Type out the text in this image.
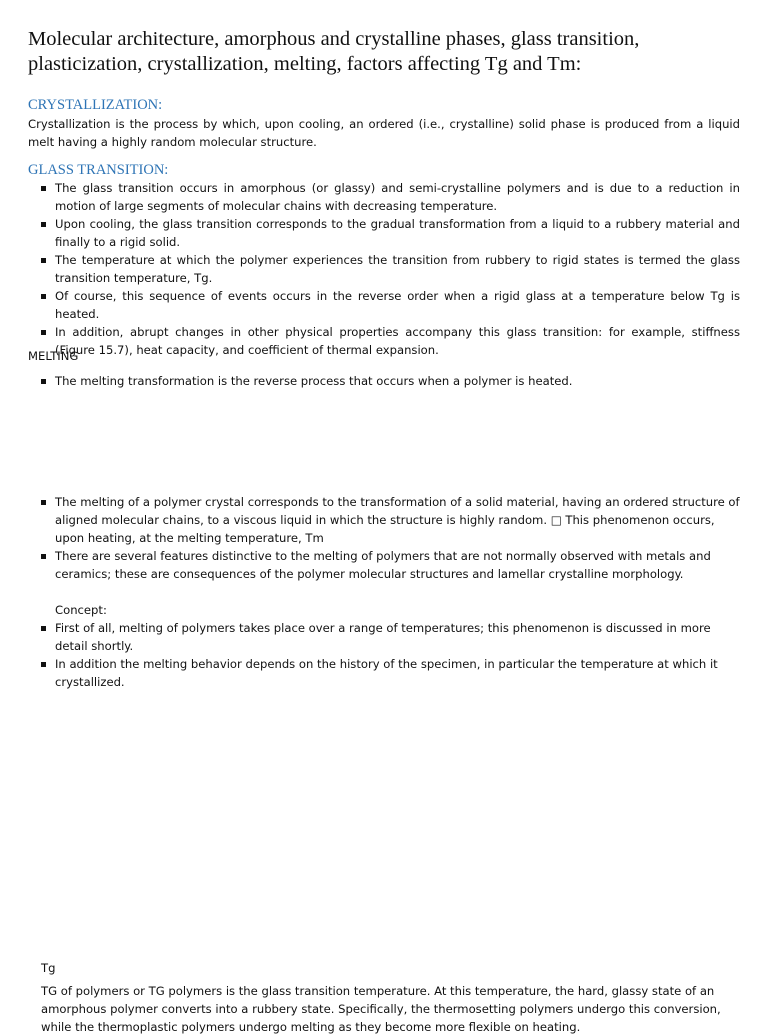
Molecular architecture, amorphous and crystalline phases, glass transition, plasticization, crystallization, melting, factors affecting Tg and Tm:
CRYSTALLIZATION:

Crystallization is the process by which, upon cooling, an ordered (i.e., crystalline) solid phase is produced from a liquid melt having a highly random molecular structure.

GLASS TRANSITION:
The glass transition occurs in amorphous (or glassy) and semi-crystalline polymers and is due to a reduction in motion of large segments of molecular chains with decreasing temperature.
Upon cooling, the glass transition corresponds to the gradual transformation from a liquid to a rubbery material and finally to a rigid solid.
The temperature at which the polymer experiences the transition from rubbery to rigid states is termed the glass transition temperature, Tg.
Of course, this sequence of events occurs in the reverse order when a rigid glass at a temperature below Tg is heated.
In addition, abrupt changes in other physical properties accompany this glass transition: for example, stiffness (Figure 15.7), heat capacity, and coefficient of thermal expansion.

MELTING

The melting transformation is the reverse process that occurs when a polymer is heated.
The melting of a polymer crystal corresponds to the transformation of a solid material, having an ordered structure of aligned molecular chains, to a viscous liquid in which the structure is highly random. □ This phenomenon occurs, upon heating, at the melting temperature, Tm
There are several features distinctive to the melting of polymers that are not normally observed with metals and ceramics; these are consequences of the polymer molecular structures and lamellar crystalline morphology.

Concept:

First of all, melting of polymers takes place over a range of temperatures; this phenomenon is discussed in more detail shortly.
In addition the melting behavior depends on the history of the specimen, in particular the temperature at which it crystallized.

Tg

TG of polymers or TG polymers is the glass transition temperature. At this temperature, the hard, glassy state of an amorphous polymer converts into a rubbery state. Specifically, the thermosetting polymers undergo this conversion, while the thermoplastic polymers undergo melting as they become more flexible on heating.
